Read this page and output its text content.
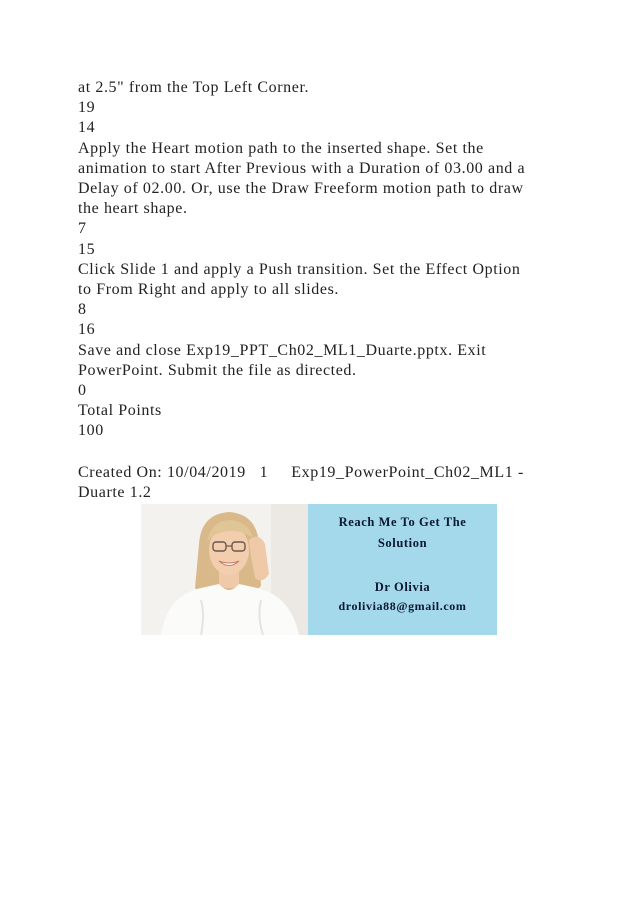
at 2.5" from the Top Left Corner.
19
14
Apply the Heart motion path to the inserted shape. Set the
animation to start After Previous with a Duration of 03.00 and a
Delay of 02.00. Or, use the Draw Freeform motion path to draw
the heart shape.
7
15
Click Slide 1 and apply a Push transition. Set the Effect Option
to From Right and apply to all slides.
8
16
Save and close Exp19_PPT_Ch02_ML1_Duarte.pptx. Exit
PowerPoint. Submit the file as directed.
0
Total Points
100
Created On: 10/04/2019   1     Exp19_PowerPoint_Ch02_ML1 -
Duarte 1.2
Reach Me To Get The
Solution
Dr Olivia
drolivia88@gmail.com
